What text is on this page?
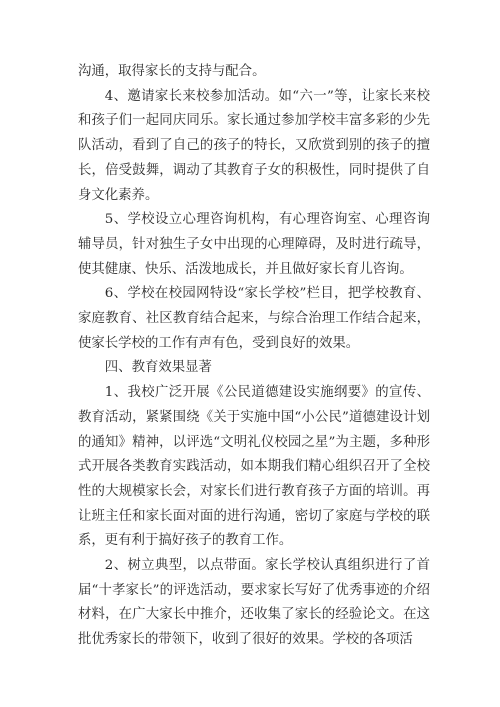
沟通，取得家长的支持与配合。

4、邀请家长来校参加活动。如“六一”等，让家长来校和孩子们一起同庆同乐。家长通过参加学校丰富多彩的少先队活动，看到了自己的孩子的特长，又欣赏到别的孩子的擅长，倍受鼓舞，调动了其教育子女的积极性，同时提供了自身文化素养。

5、学校设立心理咨询机构，有心理咨询室、心理咨询辅导员，针对独生子女中出现的心理障碍，及时进行疏导，使其健康、快乐、活泼地成长，并且做好家长育儿咨询。

6、学校在校园网特设“家长学校”栏目，把学校教育、家庭教育、社区教育结合起来，与综合治理工作结合起来，使家长学校的工作有声有色，受到良好的效果。

四、教育效果显著

1、我校广泛开展《公民道德建设实施纲要》的宣传、教育活动，紧紧围绕《关于实施中国“小公民”道德建设计划的通知》精神，以评选“文明礼仪校园之星”为主题，多种形式开展各类教育实践活动，如本期我们精心组织召开了全校性的大规模家长会，对家长们进行教育孩子方面的培训。再让班主任和家长面对面的进行沟通，密切了家庭与学校的联系，更有利于搞好孩子的教育工作。

2、树立典型，以点带面。家长学校认真组织进行了首届“十孝家长”的评选活动，要求家长写好了优秀事迹的介绍材料，在广大家长中推介，还收集了家长的经验论文。在这批优秀家长的带领下，收到了很好的效果。学校的各项活
